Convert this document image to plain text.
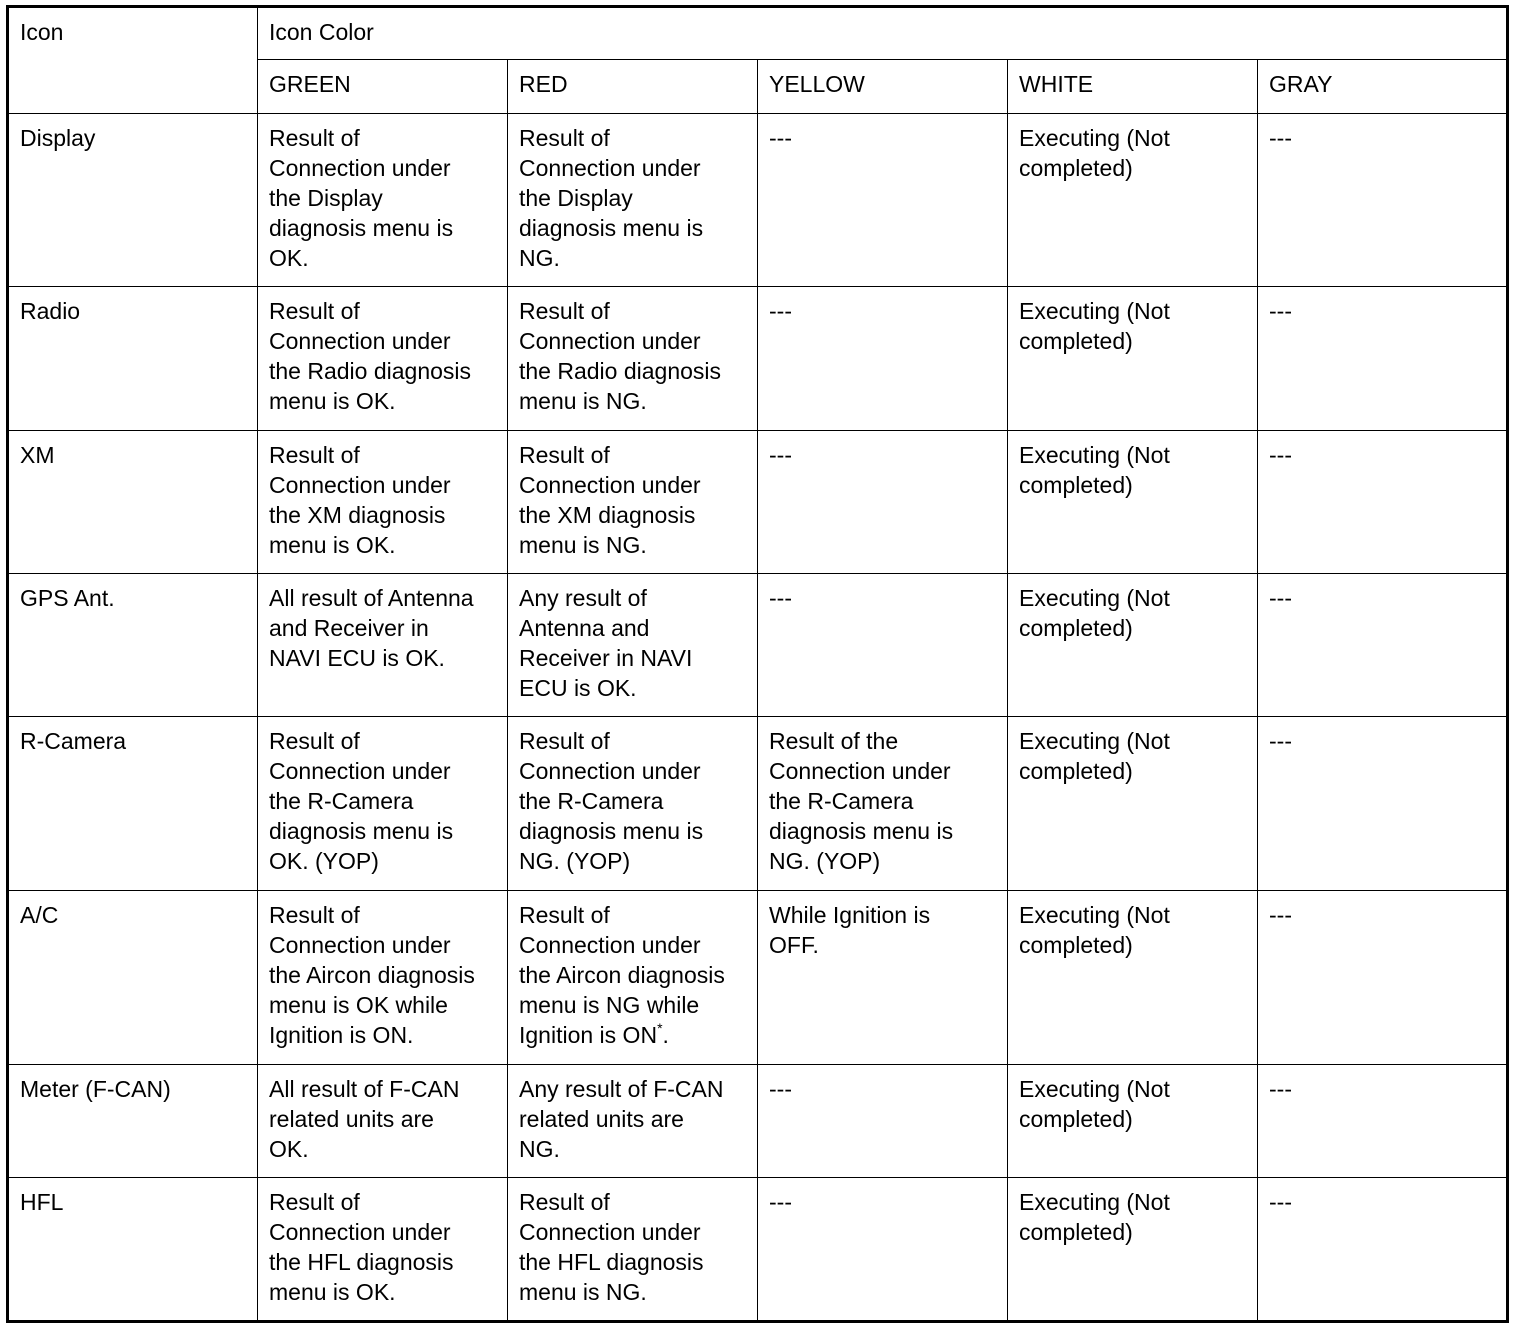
Icon	Icon Color				
	GREEN	RED	YELLOW	WHITE	GRAY
Display	Result of
Connection under
the Display
diagnosis menu is
OK.	Result of
Connection under
the Display
diagnosis menu is
NG.	---	Executing (Not
completed)	---
Radio	Result of
Connection under
the Radio diagnosis
menu is OK.	Result of
Connection under
the Radio diagnosis
menu is NG.	---	Executing (Not
completed)	---
XM	Result of
Connection under
the XM diagnosis
menu is OK.	Result of
Connection under
the XM diagnosis
menu is NG.	---	Executing (Not
completed)	---
GPS Ant.	All result of Antenna
and Receiver in
NAVI ECU is OK.	Any result of
Antenna and
Receiver in NAVI
ECU is OK.	---	Executing (Not
completed)	---
R-Camera	Result of
Connection under
the R-Camera
diagnosis menu is
OK. (YOP)	Result of
Connection under
the R-Camera
diagnosis menu is
NG. (YOP)	Result of the
Connection under
the R-Camera
diagnosis menu is
NG. (YOP)	Executing (Not
completed)	---
A/C	Result of
Connection under
the Aircon diagnosis
menu is OK while
Ignition is ON.	Result of
Connection under
the Aircon diagnosis
menu is NG while
Ignition is ON*.	While Ignition is
OFF.	Executing (Not
completed)	---
Meter (F-CAN)	All result of F-CAN
related units are
OK.	Any result of F-CAN
related units are
NG.	---	Executing (Not
completed)	---
HFL	Result of
Connection under
the HFL diagnosis
menu is OK.	Result of
Connection under
the HFL diagnosis
menu is NG.	---	Executing (Not
completed)	---
